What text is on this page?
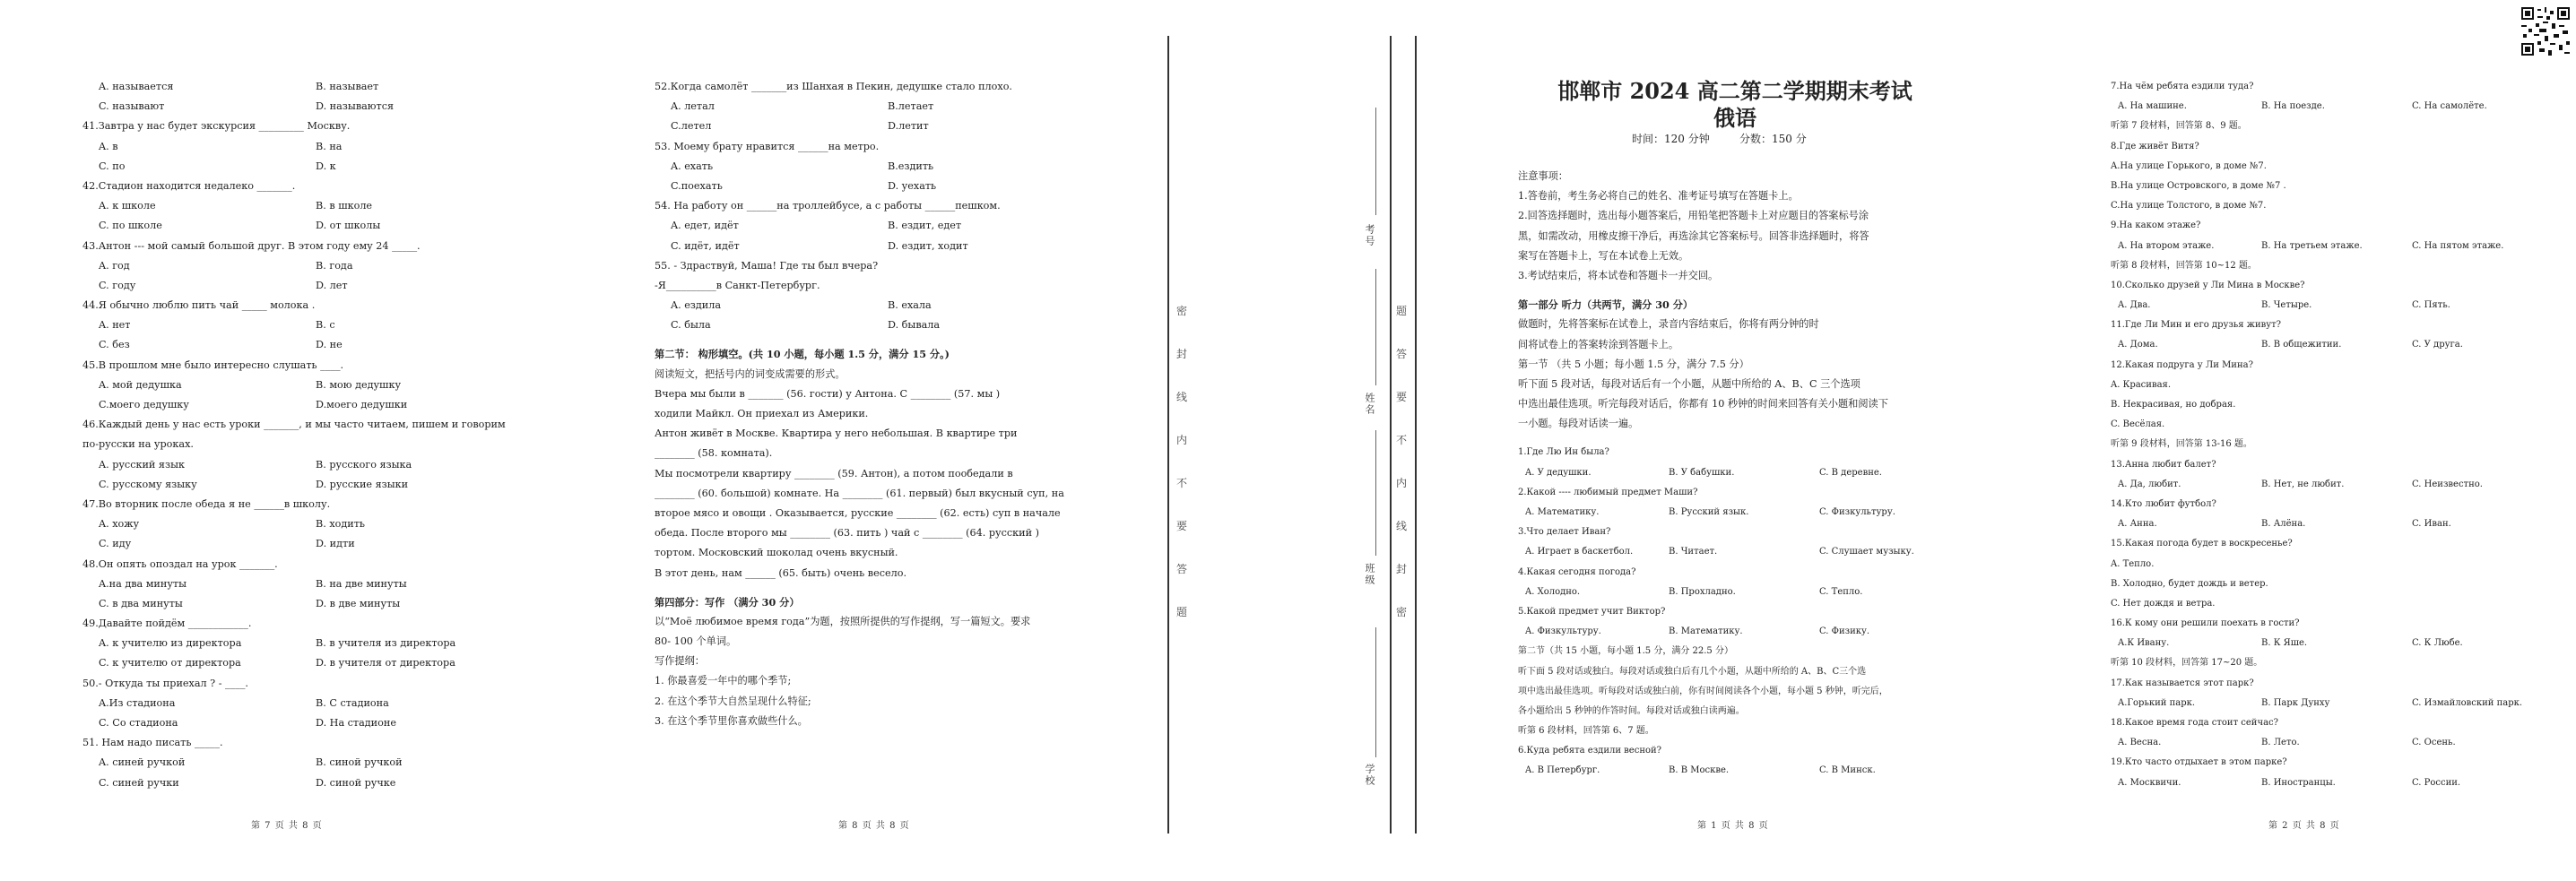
A. называется	B. называет
C. называют	D. называются
41.Завтра у нас будет экскурсия _________ Москву.
A. в	B. на
C. по	D. к
42.Стадион находится недалеко _______.
A. к школе	B. в школе
C. по школе	D. от школы
43.Антон --- мой самый большой друг. В этом году ему 24 _____.
A. год	B. года
C. году	D. лет
44.Я обычно люблю пить чай _____ молока .
A. нет	B. с
C. без	D. не
45.В прошлом мне было интересно слушать ____.
A. мой дедушка	B. мою дедушку
C.моего дедушку	D.моего дедушки
46.Каждый день у нас есть уроки _______, и мы часто читаем, пишем и говорим
по-русски на уроках.
A. русский язык	B. русского языка
C. русскому языку	D. русские языки
47.Во вторник после обеда я не ______в школу.
A. хожу	B. ходить
C. иду	D. идти
48.Он опять опоздал на урок _______.
A.на два минуты	B. на две минуты
C. в два минуты	D. в две минуты
49.Давайте пойдём ____________.
A. к учителю из директора	B. в учителя из директора
C. к учителю от директора	D. в учителя от директора
50.- Откуда ты приехал ? - ____.
A.Из стадиона	B. С стадиона
C. Со стадиона	D. На стадионе
51. Нам надо писать _____.
A. синей ручкой	B. синой ручкой
C. синей ручки	D. синой ручке
第 7 页 共 8 页
52.Когда самолёт _______из Шанхая в Пекин, дедушке стало плохо.
A. летал	B.летает
C.летел	D.летит
53. Моему брату нравится ______на метро.
A. ехать	B.ездить
C.поехать	D. уехать
54. На работу он ______на троллейбусе, а с работы ______пешком.
A. едет, идёт	B. ездит, едет
C. идёт, идёт	D. ездит, ходит
55. - Здраствуй, Маша! Где ты был вчера?
-Я__________в Санкт-Петербург.
A. ездила	B. ехала
C. была	D. бывала
第二节： 构形填空。(共 10 小题，每小题 1.5 分，满分 15 分。)
阅读短文，把括号内的词变成需要的形式。
Вчера мы были в _______ (56. гости) у Антона. С ________ (57. мы )
ходили Майкл. Он приехал из Америки.
Антон живёт в Москве. Квартира у него небольшая. В квартире три
________ (58. комната).
Мы посмотрели квартиру ________ (59. Антон), а потом пообедали в
________ (60. большой) комнате. На ________ (61. первый) был вкусный суп, на
второе мясо и овощи . Оказывается, русские ________ (62. есть) суп в начале
обеда. После второго мы ________ (63. пить ) чай с ________ (64. русский )
тортом. Московский шоколад очень вкусный.
В этот день, нам ______ (65. быть) очень весело.
第四部分：写作 （满分 30 分）
以“Моё любимое время года”为题，按照所提供的写作提纲，写一篇短文。要求
80- 100 个单词。
写作提纲：
1. 你最喜爱一年中的哪个季节;
2. 在这个季节大自然呈现什么特征;
3. 在这个季节里你喜欢做些什么。
第 8 页 共 8 页
密
封
线
内
不
要
答
题
考号
姓名
班级
学校
题
答
要
不
内
线
封
密
邯郸市 2024 高二第二学期期末考试
俄语
时间：120 分钟	分数：150 分
注意事项：
1.答卷前，考生务必将自己的姓名、准考证号填写在答题卡上。
2.回答选择题时，选出每小题答案后，用铅笔把答题卡上对应题目的答案标号涂
黑，如需改动，用橡皮擦干净后，再选涂其它答案标号。回答非选择题时，将答
案写在答题卡上，写在本试卷上无效。
3.考试结束后，将本试卷和答题卡一并交回。
第一部分 听力（共两节，满分 30 分）
做题时，先将答案标在试卷上，录音内容结束后，你将有两分钟的时
间将试卷上的答案转涂到答题卡上。
第一节 （共 5 小题；每小题 1.5 分，满分 7.5 分）
听下面 5 段对话，每段对话后有一个小题，从题中所给的 A、B、C 三个选项
中选出最佳选项。听完每段对话后，你都有 10 秒钟的时间来回答有关小题和阅读下
一小题。每段对话读一遍。
1.Где Лю Ин была?
A. У дедушки.	B. У бабушки.	C. В деревне.
2.Какой ---- любимый предмет Маши?
A. Математику.	B. Русский язык.	C. Физкультуру.
3.Что делает Иван?
A. Играет в баскетбол.	B. Читает.	C. Слушает музыку.
4.Какая сегодня погода?
A. Холодно.	B. Прохладно.	C. Тепло.
5.Какой предмет учит Виктор?
A. Физкультуру.	B. Математику.	C. Физику.
第二节（共 15 小题，每小题 1.5 分，满分 22.5 分）
听下面 5 段对话或独白。每段对话或独白后有几个小题，从题中所给的 A、B、C三个选
项中选出最佳选项。听每段对话或独白前，你有时间阅读各个小题，每小题 5 秒钟，听完后，
各小题给出 5 秒钟的作答时间。每段对话或独白读两遍。
听第 6 段材料，回答第 6、7 题。
6.Куда ребята ездили весной?
A. В Петербург.	B. В Москве.	C. В Минск.
第 1 页 共 8 页
7.На чём ребята ездили туда?
A. На машине.	B. На поезде.	C. На самолёте.
听第 7 段材料，回答第 8、9 题。
8.Где живёт Витя?
A.На улице Горького, в доме №7.
B.На улице Островского, в доме №7 .
C.На улице Толстого, в доме №7.
9.На каком этаже?
A. На втором этаже.	B. На третьем этаже.	C. На пятом этаже.
听第 8 段材料，回答第 10~12 题。
10.Сколько друзей у Ли Мина в Москве?
A. Два.	B. Четыре.	C. Пять.
11.Где Ли Мин и его друзья живут?
A. Дома.	B. В общежитии.	C. У друга.
12.Какая подруга у Ли Мина?
A. Красивая.
B. Некрасивая, но добрая.
C. Весёлая.
听第 9 段材料，回答第 13-16 题。
13.Анна любит балет?
A. Да, любит.	B. Нет, не любит.	C. Неизвестно.
14.Кто любит футбол?
A. Анна.	B. Алёна.	C. Иван.
15.Какая погода будет в воскресенье?
A. Тепло.
B. Холодно, будет дождь и ветер.
C. Нет дождя и ветра.
16.К кому они решили поехать в гости?
A.К Ивану.	B. К Яше.	C. К Любе.
听第 10 段材料，回答第 17~20 题。
17.Как называется этот парк?
A.Горький парк.	B. Парк Дунху	C. Измайловский парк.
18.Какое время года стоит сейчас?
A. Весна.	B. Лето.	C. Осень.
19.Кто часто отдыхает в этом парке?
A. Москвичи.	B. Иностранцы.	C. России.
第 2 页 共 8 页
